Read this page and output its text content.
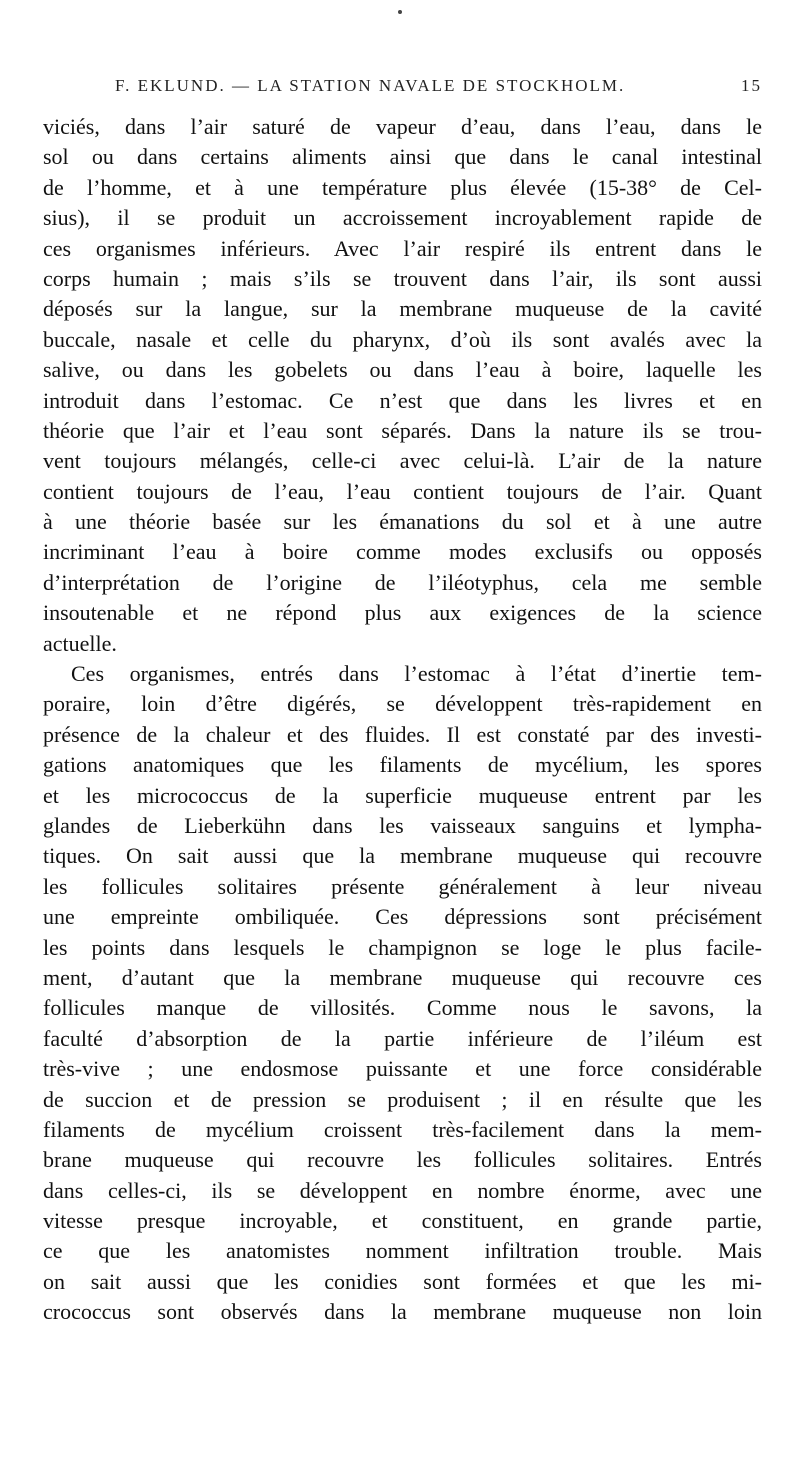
F. EKLUND. — LA STATION NAVALE DE STOCKHOLM.	15
viciés, dans l’air saturé de vapeur d’eau, dans l’eau, dans le
sol ou dans certains aliments ainsi que dans le canal intestinal
de l’homme, et à une température plus élevée (15-38° de Cel-
sius), il se produit un accroissement incroyablement rapide de
ces organismes inférieurs. Avec l’air respiré ils entrent dans le
corps humain ; mais s’ils se trouvent dans l’air, ils sont aussi
déposés sur la langue, sur la membrane muqueuse de la cavité
buccale, nasale et celle du pharynx, d’où ils sont avalés avec la
salive, ou dans les gobelets ou dans l’eau à boire, laquelle les
introduit dans l’estomac. Ce n’est que dans les livres et en
théorie que l’air et l’eau sont séparés. Dans la nature ils se trou-
vent toujours mélangés, celle-ci avec celui-là. L’air de la nature
contient toujours de l’eau, l’eau contient toujours de l’air. Quant
à une théorie basée sur les émanations du sol et à une autre
incriminant l’eau à boire comme modes exclusifs ou opposés
d’interprétation de l’origine de l’iléotyphus, cela me semble
insoutenable et ne répond plus aux exigences de la science
actuelle.
Ces organismes, entrés dans l’estomac à l’état d’inertie tem-
poraire, loin d’être digérés, se développent très-rapidement en
présence de la chaleur et des fluides. Il est constaté par des investi-
gations anatomiques que les filaments de mycélium, les spores
et les micrococcus de la superficie muqueuse entrent par les
glandes de Lieberkühn dans les vaisseaux sanguins et lympha-
tiques. On sait aussi que la membrane muqueuse qui recouvre
les follicules solitaires présente généralement à leur niveau
une empreinte ombiliquée. Ces dépressions sont précisément
les points dans lesquels le champignon se loge le plus facile-
ment, d’autant que la membrane muqueuse qui recouvre ces
follicules manque de villosités. Comme nous le savons, la
faculté d’absorption de la partie inférieure de l’iléum est
très-vive ; une endosmose puissante et une force considérable
de succion et de pression se produisent ; il en résulte que les
filaments de mycélium croissent très-facilement dans la mem-
brane muqueuse qui recouvre les follicules solitaires. Entrés
dans celles-ci, ils se développent en nombre énorme, avec une
vitesse presque incroyable, et constituent, en grande partie,
ce que les anatomistes nomment infiltration trouble. Mais
on sait aussi que les conidies sont formées et que les mi-
crococcus sont observés dans la membrane muqueuse non loin
